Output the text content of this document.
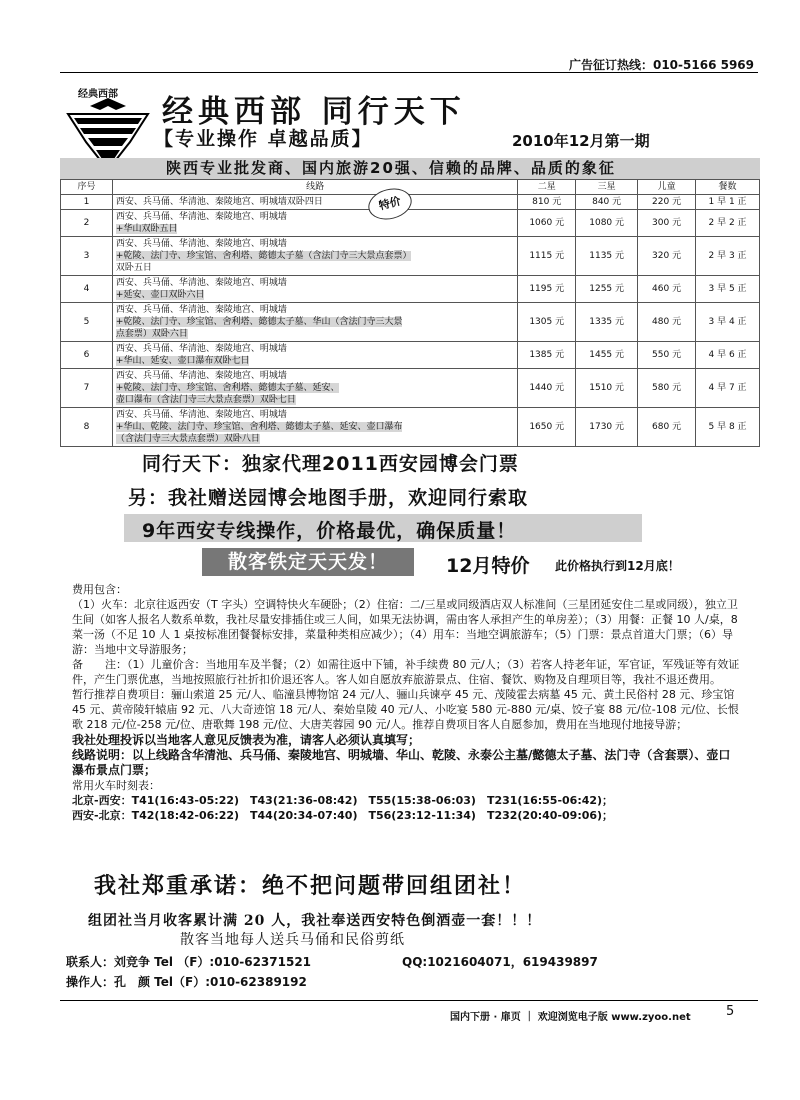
广告征订热线：010-5166 5969
经典西部 经典西部 同行天下
【专业操作 卓越品质】	2010年12月第一期
陕西专业批发商、国内旅游20强、信赖的品牌、品质的象征
序号	线路	二星	三星	儿童	餐数
1	西安、兵马俑、华清池、秦陵地宫、明城墙双卧四日	810 元	840 元	220 元	1 早 1 正
2	西安、兵马俑、华清池、秦陵地宫、明城墙
+华山双卧五日	1060 元	1080 元	300 元	2 早 2 正
3	西安、兵马俑、华清池、秦陵地宫、明城墙
+乾陵、法门寺、珍宝馆、舍利塔、懿德太子墓（含法门寺三大景点套票）
双卧五日	1115 元	1135 元	320 元	2 早 3 正
4	西安、兵马俑、华清池、秦陵地宫、明城墙
+延安、壶口双卧六日	1195 元	1255 元	460 元	3 早 5 正
5	西安、兵马俑、华清池、秦陵地宫、明城墙
+乾陵、法门寺、珍宝馆、舍利塔、懿德太子墓、华山（含法门寺三大景
点套票）双卧六日	1305 元	1335 元	480 元	3 早 4 正
6	西安、兵马俑、华清池、秦陵地宫、明城墙
+华山、延安、壶口瀑布双卧七日	1385 元	1455 元	550 元	4 早 6 正
7	西安、兵马俑、华清池、秦陵地宫、明城墙
+乾陵、法门寺、珍宝馆、舍利塔、懿德太子墓、延安、
壶口瀑布（含法门寺三大景点套票）双卧七日	1440 元	1510 元	580 元	4 早 7 正
8	西安、兵马俑、华清池、秦陵地宫、明城墙
+华山、乾陵、法门寺、珍宝馆、舍利塔、懿德太子墓、延安、壶口瀑布
（含法门寺三大景点套票）双卧八日	1650 元	1730 元	680 元	5 早 8 正
特价
同行天下：独家代理2011西安园博会门票
另：我社赠送园博会地图手册，欢迎同行索取
9年西安专线操作，价格最优，确保质量！
散客铁定天天发！	12月特价 此价格执行到12月底！

费用包含：

（1）火车：北京往返西安（T 字头）空调特快火车硬卧；（2）住宿：二/三星或同级酒店双人标准间（三星团延安住二星或同级），独立卫生间（如客人报名人数系单数，我社尽量安排插住或三人间，如果无法协调，需由客人承担产生的单房差）；（3）用餐：正餐 10 人/桌，8 菜一汤（不足 10 人 1 桌按标准团餐餐标安排，菜量种类相应减少）；（4）用车：当地空调旅游车；（5）门票：景点首道大门票；（6）导游：当地中文导游服务；

备　　注：（1）儿童价含：当地用车及半餐；（2）如需往返中下铺，补手续费 80 元/人；（3）若客人持老年证，军官证，军残证等有效证件，产生门票优惠，当地按照旅行社折扣价退还客人。客人如自愿放弃旅游景点、住宿、餐饮、购物及自理项目等，我社不退还费用。

暂行推荐自费项目：骊山索道 25 元/人、临潼县博物馆 24 元/人、骊山兵谏亭 45 元、茂陵霍去病墓 45 元、黄土民俗村 28 元、珍宝馆 45 元、黄帝陵轩辕庙 92 元、八大奇迹馆 18 元/人、秦始皇陵 40 元/人、小吃宴 580 元-880 元/桌、饺子宴 88 元/位-108 元/位、长恨歌 218 元/位-258 元/位、唐歌舞 198 元/位、大唐芙蓉园 90 元/人。推荐自费项目客人自愿参加，费用在当地现付地接导游；

我社处理投诉以当地客人意见反馈表为准，请客人必须认真填写；

线路说明：以上线路含华清池、兵马俑、秦陵地宫、明城墙、华山、乾陵、永泰公主墓/懿德太子墓、法门寺（含套票）、壶口瀑布景点门票；

常用火车时刻表：

北京-西安：T41(16:43-05:22)　T43(21:36-08:42)　T55(15:38-06:03)　T231(16:55-06:42)；

西安-北京：T42(18:42-06:22)　T44(20:34-07:40)　T56(23:12-11:34)　T232(20:40-09:06)；

我社郑重承诺：绝不把问题带回组团社！
组团社当月收客累计满 20 人，我社奉送西安特色倒酒壶一套！！！
散客当地每人送兵马俑和民俗剪纸
联系人：刘竞争 Tel （F）:010-62371521	QQ:1021604071，619439897
操作人：孔　颜 Tel（F）:010-62389192
国内下册 · 扉页 ｜ 欢迎浏览电子版 www.zyoo.net	5
